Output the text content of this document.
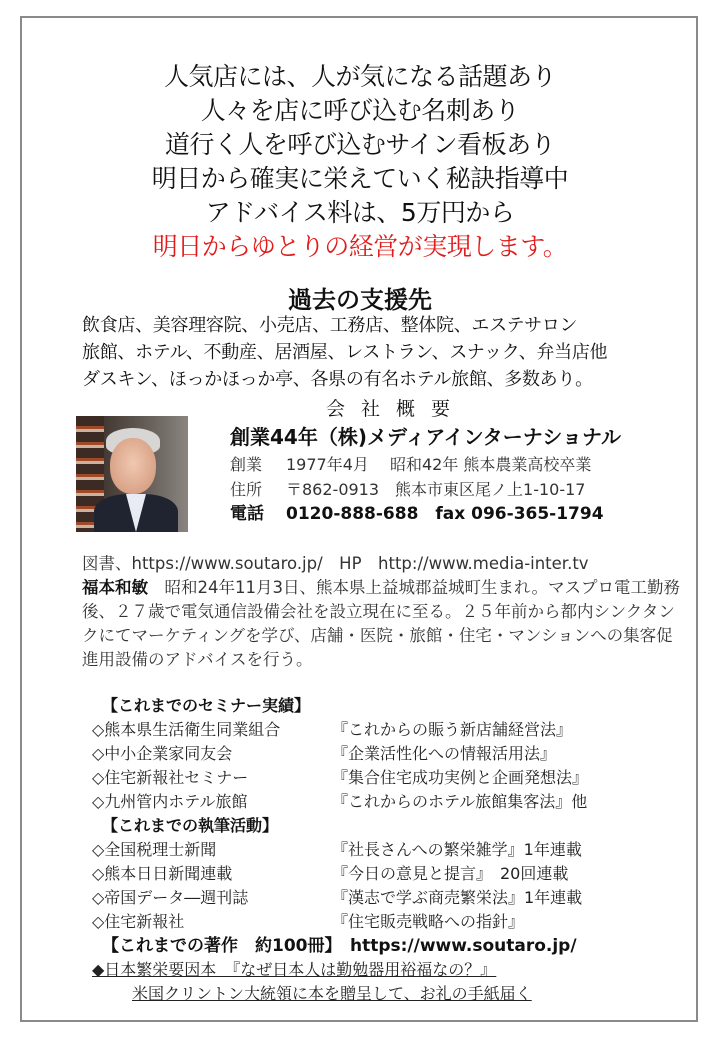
人気店には、人が気になる話題あり
人々を店に呼び込む名刺あり
道行く人を呼び込むサイン看板あり
明日から確実に栄えていく秘訣指導中
アドバイス料は、5万円から
明日からゆとりの経営が実現します。
過去の支援先
飲食店、美容理容院、小売店、工務店、整体院、エステサロン
旅館、ホテル、不動産、居酒屋、レストラン、スナック、弁当店他
ダスキン、ほっかほっか亭、各県の有名ホテル旅館、多数あり。
会社概要
創業44年（株)メディアインターナショナル
創業	1977年4月　 昭和42年 熊本農業高校卒業
住所	〒862-0913　熊本市東区尾ノ上1-10-17
電話	0120-888-688　fax 096-365-1794
図書、https://www.soutaro.jp/　HP　http://www.media-inter.tv
福本和敏　昭和24年11月3日、熊本県上益城郡益城町生まれ。マスプロ電工勤務後、２７歳で電気通信設備会社を設立現在に至る。２５年前から都内シンクタンクにてマーケティングを学び、店舗・医院・旅館・住宅・マンションへの集客促進用設備のアドバイスを行う。
【これまでのセミナー実績】
◇熊本県生活衛生同業組合	『これからの賑う新店舗経営法』
◇中小企業家同友会	『企業活性化への情報活用法』
◇住宅新報社セミナー	『集合住宅成功実例と企画発想法』
◇九州管内ホテル旅館	『これからのホテル旅館集客法』他
【これまでの執筆活動】
◇全国税理士新聞	『社長さんへの繁栄雑学』1年連載
◇熊本日日新聞連載	『今日の意見と提言』　20回連載
◇帝国データ―週刊誌	『漢志で学ぶ商売繁栄法』1年連載
◇住宅新報社	『住宅販売戦略への指針』
【これまでの著作　約100冊】　https://www.soutaro.jp/
◆日本繁栄要因本　『なぜ日本人は勤勉器用裕福なの？』
米国クリントン大統領に本を贈呈して、お礼の手紙届く
